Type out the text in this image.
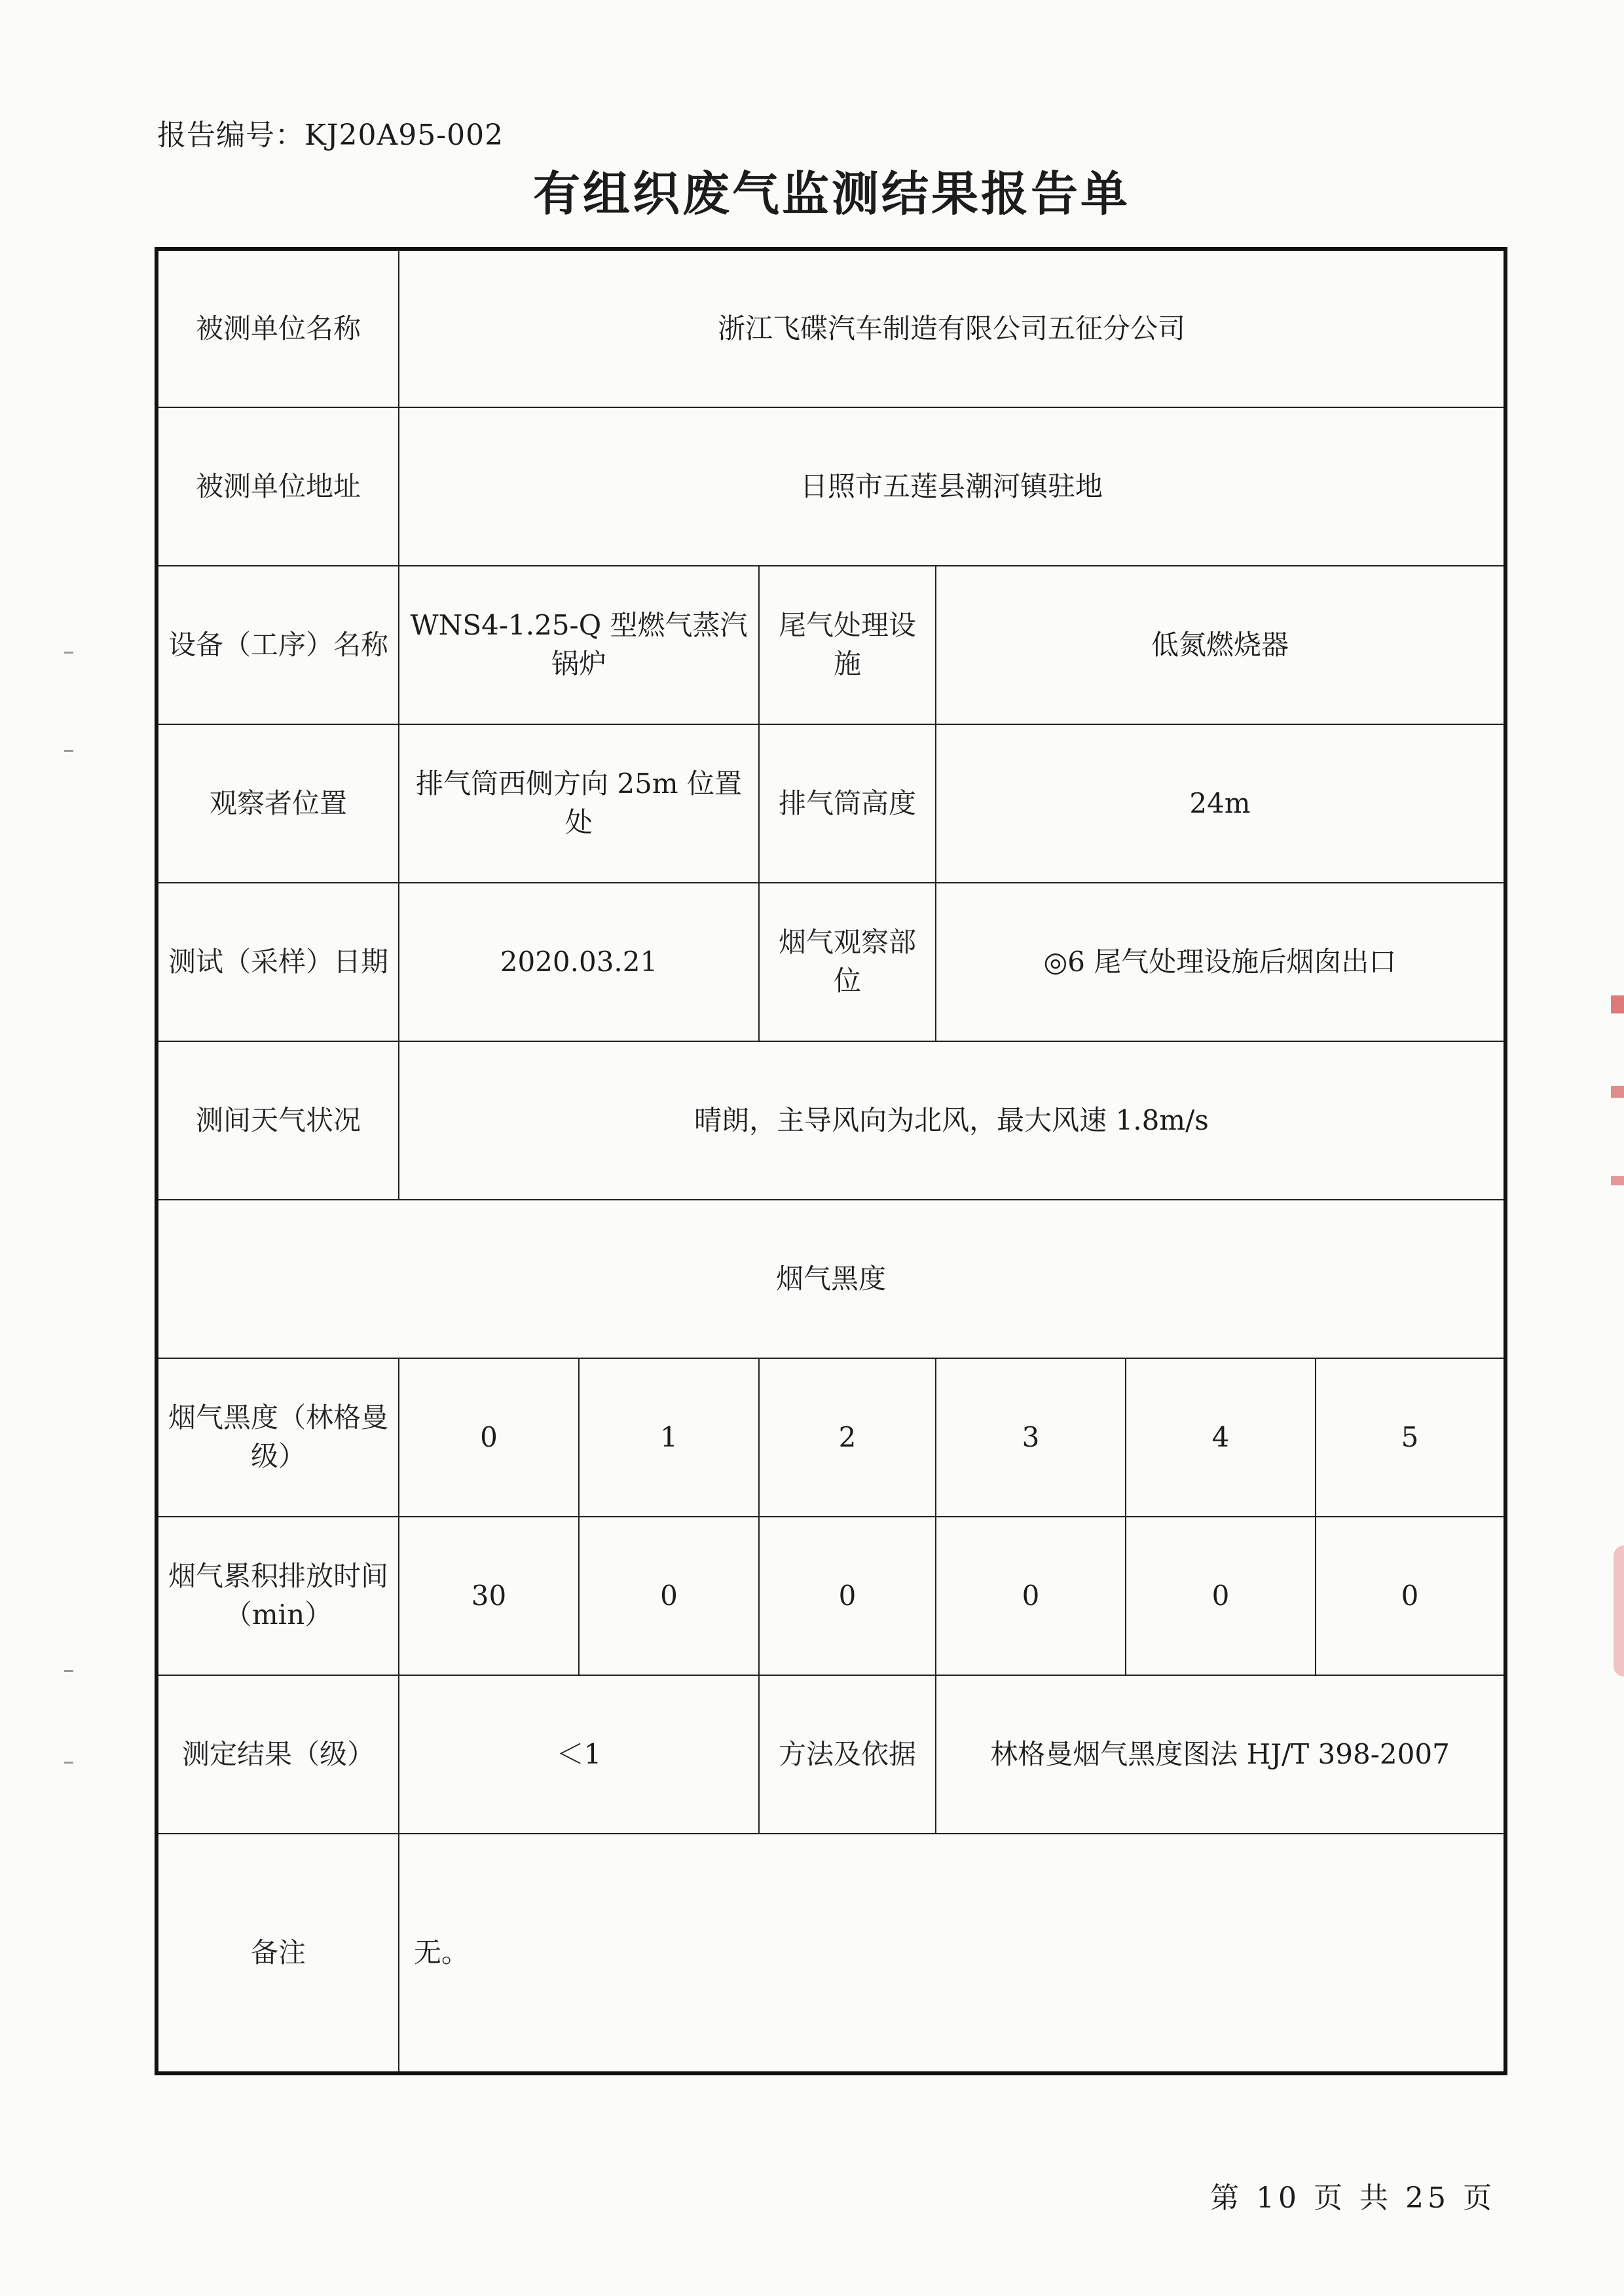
报告编号：KJ20A95-002
有组织废气监测结果报告单
被测单位名称	浙江飞碟汽车制造有限公司五征分公司					
被测单位地址	日照市五莲县潮河镇驻地					
设备（工序）名称	WNS4-1.25-Q 型燃气蒸汽锅炉		尾气处理设施	低氮燃烧器		
观察者位置	排气筒西侧方向 25m 位置处		排气筒高度	24m		
测试（采样）日期	2020.03.21		烟气观察部位	◎6 尾气处理设施后烟囱出口		
测间天气状况	晴朗，主导风向为北风，最大风速 1.8m/s					
烟气黑度						
烟气黑度（林格曼级）	0	1	2	3	4	5
烟气累积排放时间（min）	30	0	0	0	0	0
测定结果（级）	＜1		方法及依据	林格曼烟气黑度图法 HJ/T 398-2007		
备注	无。					
第 10 页 共 25 页
